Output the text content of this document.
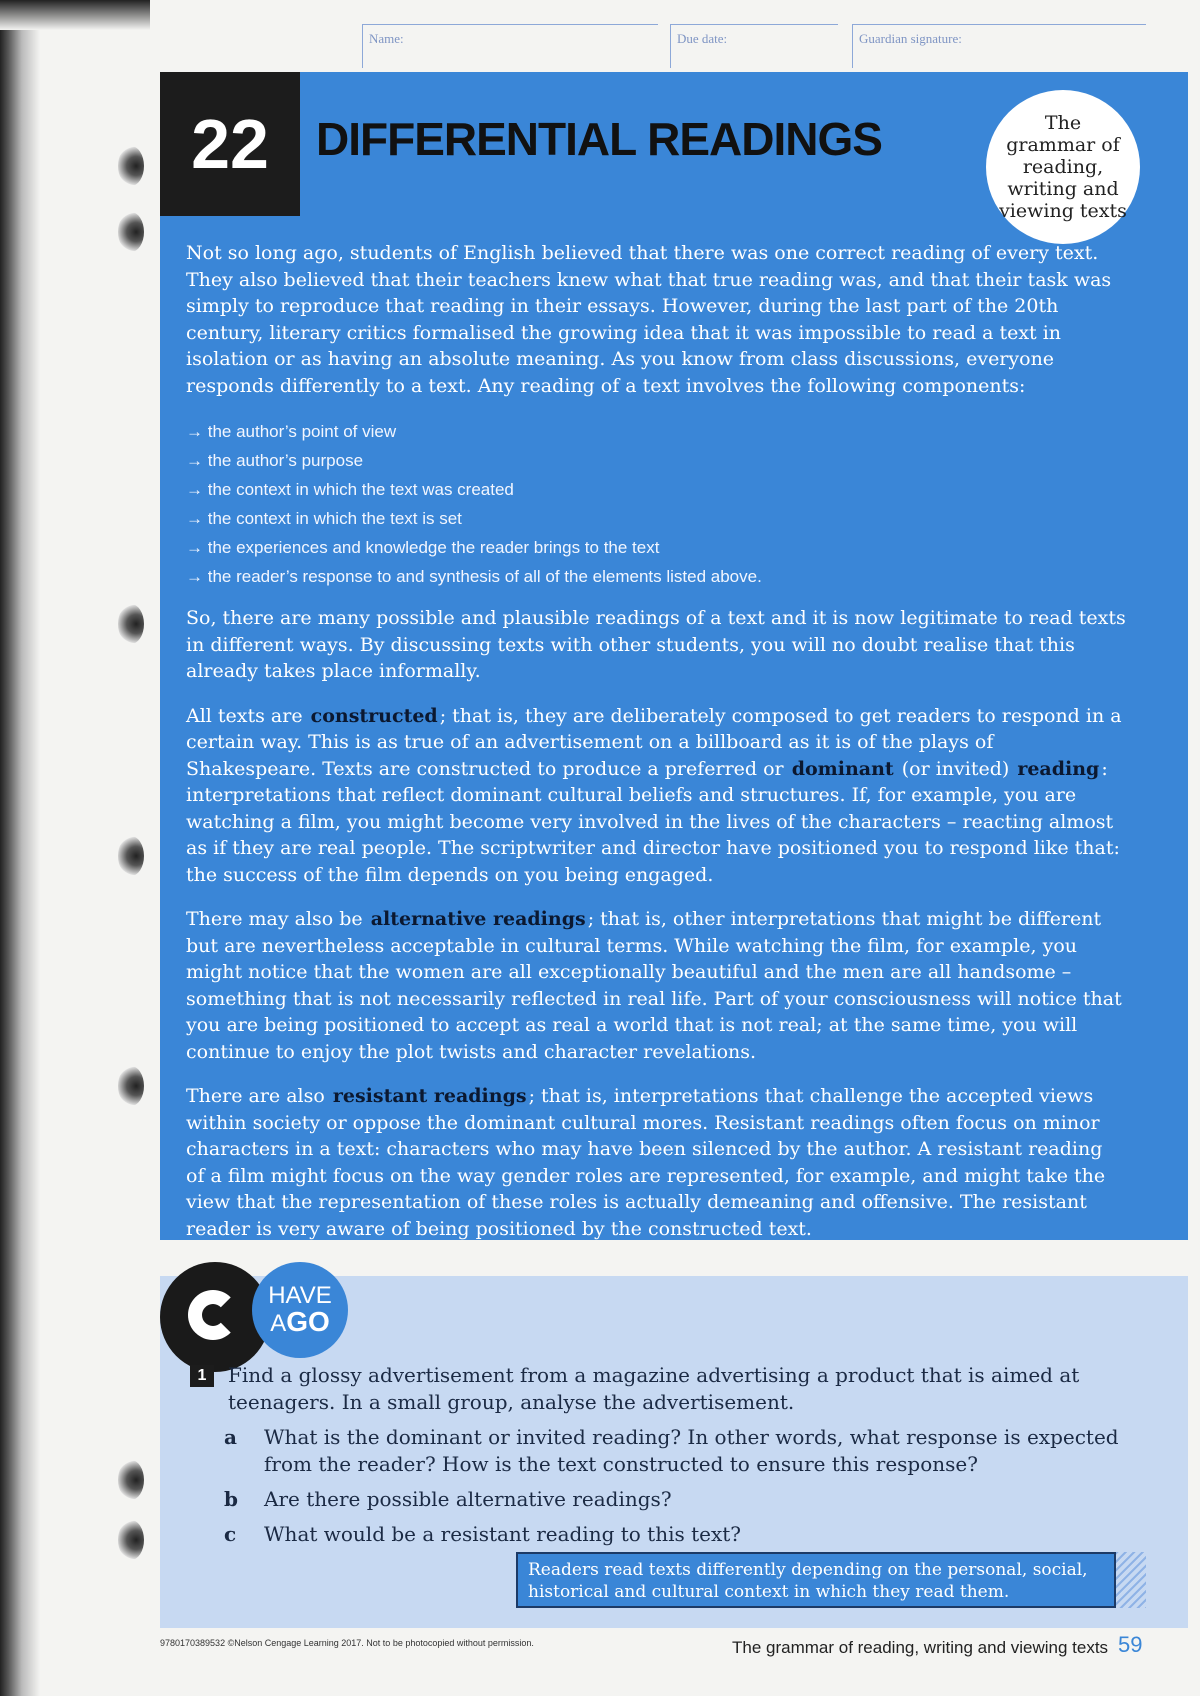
Name:	Due date:	Guardian signature:
22	DIFFERENTIAL READINGS	The grammar of reading, writing and viewing texts

Not so long ago, students of English believed that there was one correct reading of every text. They also believed that their teachers knew what that true reading was, and that their task was simply to reproduce that reading in their essays. However, during the last part of the 20th century, literary critics formalised the growing idea that it was impossible to read a text in isolation or as having an absolute meaning. As you know from class discussions, everyone responds differently to a text. Any reading of a text involves the following components:

→ the author’s point of view
→ the author’s purpose
→ the context in which the text was created
→ the context in which the text is set
→ the experiences and knowledge the reader brings to the text
→ the reader’s response to and synthesis of all of the elements listed above.

So, there are many possible and plausible readings of a text and it is now legitimate to read texts in different ways. By discussing texts with other students, you will no doubt realise that this already takes place informally.

All texts are constructed ; that is, they are deliberately composed to get readers to respond in a certain way. This is as true of an advertisement on a billboard as it is of the plays of Shakespeare. Texts are constructed to produce a preferred or dominant (or invited) reading : interpretations that reflect dominant cultural beliefs and structures. If, for example, you are watching a film, you might become very involved in the lives of the characters – reacting almost as if they are real people. The scriptwriter and director have positioned you to respond like that: the success of the film depends on you being engaged.

There may also be alternative readings ; that is, other interpretations that might be different but are nevertheless acceptable in cultural terms. While watching the film, for example, you might notice that the women are all exceptionally beautiful and the men are all handsome – something that is not necessarily reflected in real life. Part of your consciousness will notice that you are being positioned to accept as real a world that is not real; at the same time, you will continue to enjoy the plot twists and character revelations.

There are also resistant readings ; that is, interpretations that challenge the accepted views within society or oppose the dominant cultural mores. Resistant readings often focus on minor characters in a text: characters who may have been silenced by the author. A resistant reading of a film might focus on the way gender roles are represented, for example, and might take the view that the representation of these roles is actually demeaning and offensive. The resistant reader is very aware of being positioned by the constructed text.

HAVE
AGO
1	Find a glossy advertisement from a magazine advertising a product that is aimed at teenagers. In a small group, analyse the advertisement.
a	What is the dominant or invited reading? In other words, what response is expected from the reader? How is the text constructed to ensure this response?
b	Are there possible alternative readings?
c	What would be a resistant reading to this text?
Readers read texts differently depending on the personal, social, historical and cultural context in which they read them.
9780170389532 ©Nelson Cengage Learning 2017. Not to be photocopied without permission.	The grammar of reading, writing and viewing texts 59
